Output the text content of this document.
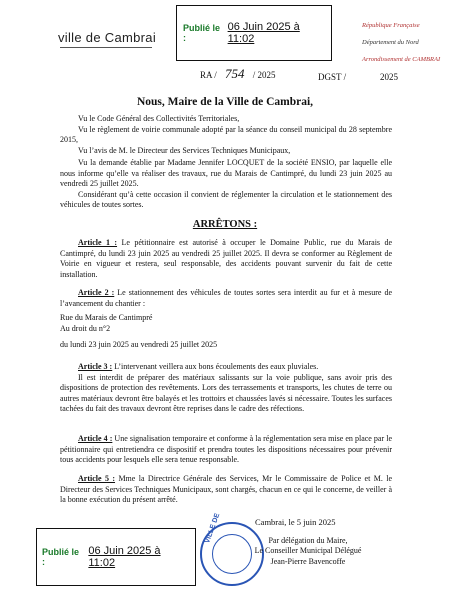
ville de Cambrai
Publié le :
06 Juin 2025 à 11:02
République Française
Département du Nord
Arrondissement de CAMBRAI
RA / 754 / 2025	DGST /	2025
Nous, Maire de la Ville de Cambrai,

Vu le Code Général des Collectivités Territoriales,

Vu le règlement de voirie communale adopté par la séance du conseil municipal du 28 septembre 2015,

Vu l’avis de M. le Directeur des Services Techniques Municipaux,

Vu la demande établie par Madame Jennifer LOCQUET de la société ENSIO, par laquelle elle nous informe qu’elle va réaliser des travaux, rue du Marais de Cantimpré, du lundi 23 juin 2025 au vendredi 25 juillet 2025.

Considérant qu’à cette occasion il convient de réglementer la circulation et le stationnement des véhicules de toutes sortes.

ARRÊTONS :

Article 1 : Le pétitionnaire est autorisé à occuper le Domaine Public, rue du Marais de Cantimpré, du lundi 23 juin 2025 au vendredi 25 juillet 2025. Il devra se conformer au Règlement de Voirie en vigueur et restera, seul responsable, des accidents pouvant survenir du fait de cette installation.

Article 2 : Le stationnement des véhicules de toutes sortes sera interdit au fur et à mesure de l’avancement du chantier :

Rue du Marais de Cantimpré

Au droit du n°2

du lundi 23 juin 2025 au vendredi 25 juillet 2025

Article 3 : L’intervenant veillera aux bons écoulements des eaux pluviales.

Il est interdit de préparer des matériaux salissants sur la voie publique, sans avoir pris des dispositions de protection des revêtements. Lors des terrassements et transports, les chutes de terre ou autres matériaux devront être balayés et les trottoirs et chaussées lavés si nécessaire. Toutes les surfaces tachées du fait des travaux devront être reprises dans le cadre des réfections.

Article 4 : Une signalisation temporaire et conforme à la réglementation sera mise en place par le pétitionnaire qui entretiendra ce dispositif et prendra toutes les dispositions nécessaires pour prévenir tous accidents pour lesquels elle sera tenue responsable.

Article 5 : Mme la Directrice Générale des Services, Mr le Commissaire de Police et M. le Directeur des Services Techniques Municipaux, sont chargés, chacun en ce qui le concerne, de veiller à la bonne exécution du présent arrêté.

Cambrai, le 5 juin 2025
VILLE DE	Par délégation du Maire,
Le Conseiller Municipal Délégué
Jean-Pierre Bavencoffe
Publié le :
06 Juin 2025 à 11:02
